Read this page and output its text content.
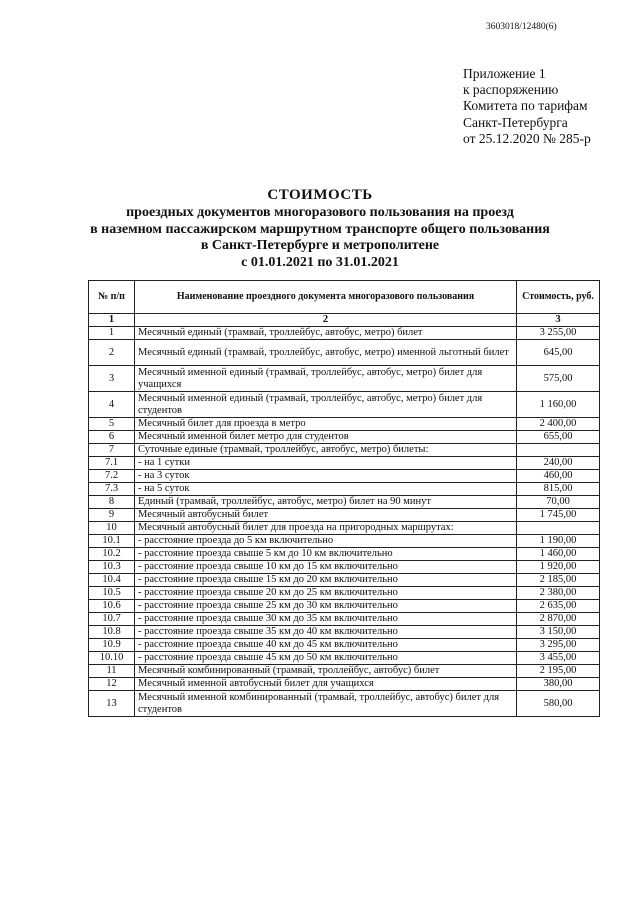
3603018/12480(6)
Приложение 1
к распоряжению
Комитета по тарифам
Санкт-Петербурга
от 25.12.2020 № 285-р
СТОИМОСТЬ
проездных документов многоразового пользования на проезд
в наземном пассажирском маршрутном транспорте общего пользования
в Санкт-Петербурге и метрополитене
с 01.01.2021 по 31.01.2021
№ п/п	Наименование проездного документа многоразового пользования	Стоимость, руб.
1	2	3
1	Месячный единый (трамвай, троллейбус, автобус, метро) билет	3 255,00
2	Месячный единый (трамвай, троллейбус, автобус, метро) именной льготный билет	645,00
3	Месячный именной единый (трамвай, троллейбус, автобус, метро) билет для учащихся	575,00
4	Месячный именной единый (трамвай, троллейбус, автобус, метро) билет для студентов	1 160,00
5	Месячный билет для проезда в метро	2 400,00
6	Месячный именной билет метро для студентов	655,00
7	Суточные единые (трамвай, троллейбус, автобус, метро) билеты:	
7.1	- на 1 сутки	240,00
7.2	- на 3 суток	460,00
7.3	- на 5 суток	815,00
8	Единый (трамвай, троллейбус, автобус, метро) билет на 90 минут	70,00
9	Месячный автобусный билет	1 745,00
10	Месячный автобусный билет для проезда на пригородных маршрутах:	
10.1	- расстояние проезда до 5 км включительно	1 190,00
10.2	- расстояние проезда свыше 5 км до 10 км включительно	1 460,00
10.3	- расстояние проезда свыше 10 км до 15 км включительно	1 920,00
10.4	- расстояние проезда свыше 15 км до 20 км включительно	2 185,00
10.5	- расстояние проезда свыше 20 км до 25 км включительно	2 380,00
10.6	- расстояние проезда свыше 25 км до 30 км включительно	2 635,00
10.7	- расстояние проезда свыше 30 км до 35 км включительно	2 870,00
10.8	- расстояние проезда свыше 35 км до 40 км включительно	3 150,00
10.9	- расстояние проезда свыше 40 км до 45 км включительно	3 295,00
10.10	- расстояние проезда свыше 45 км до 50 км включительно	3 455,00
11	Месячный комбинированный (трамвай, троллейбус, автобус) билет	2 195,00
12	Месячный именной автобусный билет для учащихся	380,00
13	Месячный именной комбинированный (трамвай, троллейбус, автобус) билет для студентов	580,00
